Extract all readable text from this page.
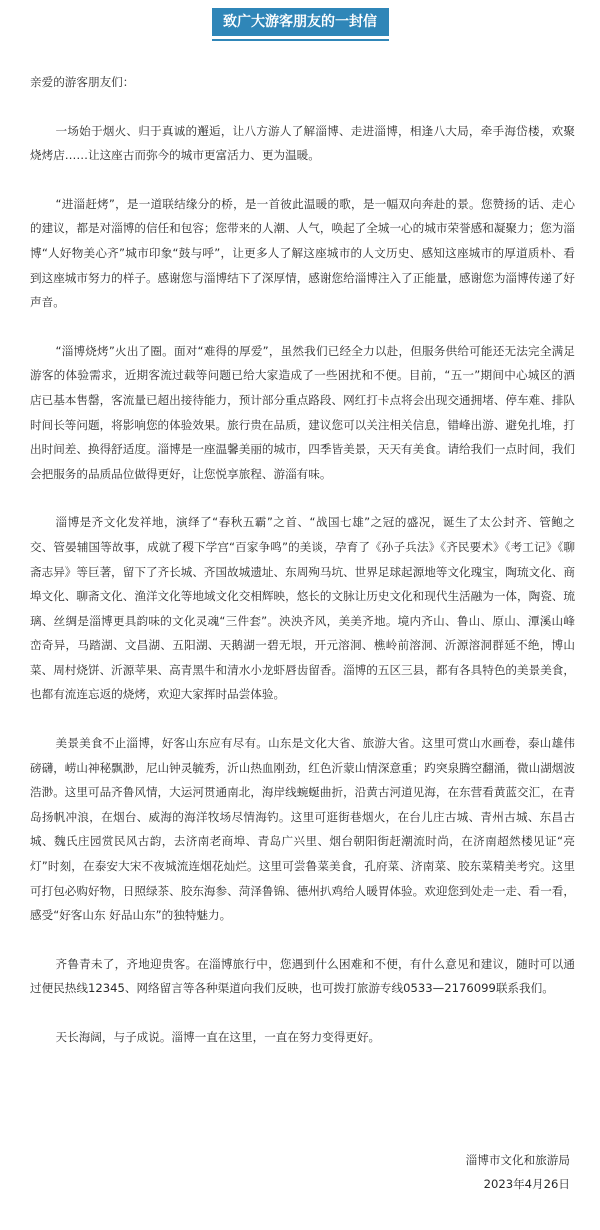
致广大游客朋友的一封信

亲爱的游客朋友们：

一场始于烟火、归于真诚的邂逅，让八方游人了解淄博、走进淄博，相逢八大局，牵手海岱楼，欢聚烧烤店……让这座古而弥今的城市更富活力、更为温暖。

“进淄赶烤”，是一道联结缘分的桥，是一首彼此温暖的歌，是一幅双向奔赴的景。您赞扬的话、走心的建议，都是对淄博的信任和包容；您带来的人潮、人气，唤起了全城一心的城市荣誉感和凝聚力；您为淄博“人好物美心齐”城市印象“鼓与呼”，让更多人了解这座城市的人文历史、感知这座城市的厚道质朴、看到这座城市努力的样子。感谢您与淄博结下了深厚情，感谢您给淄博注入了正能量，感谢您为淄博传递了好声音。

“淄博烧烤”火出了圈。面对“难得的厚爱”，虽然我们已经全力以赴，但服务供给可能还无法完全满足游客的体验需求，近期客流过载等问题已给大家造成了一些困扰和不便。目前，“五一”期间中心城区的酒店已基本售罄，客流量已超出接待能力，预计部分重点路段、网红打卡点将会出现交通拥堵、停车难、排队时间长等问题，将影响您的体验效果。旅行贵在品质，建议您可以关注相关信息，错峰出游、避免扎堆，打出时间差、换得舒适度。淄博是一座温馨美丽的城市，四季皆美景，天天有美食。请给我们一点时间，我们会把服务的品质品位做得更好，让您悦享旅程、游淄有味。

淄博是齐文化发祥地，演绎了“春秋五霸”之首、“战国七雄”之冠的盛况，诞生了太公封齐、管鲍之交、管晏辅国等故事，成就了稷下学宫“百家争鸣”的美谈，孕育了《孙子兵法》《齐民要术》《考工记》《聊斋志异》等巨著，留下了齐长城、齐国故城遗址、东周殉马坑、世界足球起源地等文化瑰宝，陶琉文化、商埠文化、聊斋文化、渔洋文化等地域文化交相辉映，悠长的文脉让历史文化和现代生活融为一体，陶瓷、琉璃、丝绸是淄博更具韵味的文化灵魂“三件套”。泱泱齐风，美美齐地。境内齐山、鲁山、原山、潭溪山峰峦奇异，马踏湖、文昌湖、五阳湖、天鹅湖一碧无垠，开元溶洞、樵岭前溶洞、沂源溶洞群延不绝，博山菜、周村烧饼、沂源苹果、高青黑牛和清水小龙虾唇齿留香。淄博的五区三县，都有各具特色的美景美食，也都有流连忘返的烧烤，欢迎大家挥时品尝体验。

美景美食不止淄博，好客山东应有尽有。山东是文化大省、旅游大省。这里可赏山水画卷，泰山雄伟磅礴，崂山神秘飘渺，尼山钟灵毓秀，沂山热血刚劲，红色沂蒙山情深意重；趵突泉腾空翻涌，微山湖烟波浩渺。这里可品齐鲁风情，大运河贯通南北，海岸线蜿蜒曲折，沿黄古河道见海，在东营看黄蓝交汇，在青岛扬帆冲浪，在烟台、威海的海洋牧场尽情海钓。这里可逛街巷烟火，在台儿庄古城、青州古城、东昌古城、魏氏庄园赏民风古韵，去济南老商埠、青岛广兴里、烟台朝阳街赶潮流时尚，在济南超然楼见证“亮灯”时刻，在泰安大宋不夜城流连烟花灿烂。这里可尝鲁菜美食，孔府菜、济南菜、胶东菜精美考究。这里可打包必购好物，日照绿茶、胶东海参、菏泽鲁锦、德州扒鸡给人暖胃体验。欢迎您到处走一走、看一看，感受“好客山东 好品山东”的独特魅力。

齐鲁青未了，齐地迎贵客。在淄博旅行中，您遇到什么困难和不便，有什么意见和建议，随时可以通过便民热线12345、网络留言等各种渠道向我们反映，也可拨打旅游专线0533—2176099联系我们。

天长海阔，与子成说。淄博一直在这里，一直在努力变得更好。

淄博市文化和旅游局
2023年4月26日
